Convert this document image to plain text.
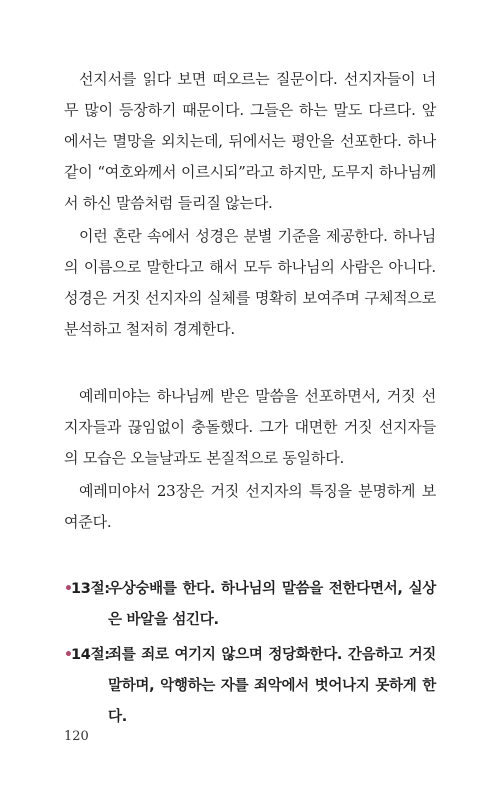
선지서를 읽다 보면 떠오르는 질문이다. 선지자들이 너무 많이 등장하기 때문이다. 그들은 하는 말도 다르다. 앞에서는 멸망을 외치는데, 뒤에서는 평안을 선포한다. 하나같이 “여호와께서 이르시되”라고 하지만, 도무지 하나님께서 하신 말씀처럼 들리질 않는다.

이런 혼란 속에서 성경은 분별 기준을 제공한다. 하나님의 이름으로 말한다고 해서 모두 하나님의 사람은 아니다. 성경은 거짓 선지자의 실체를 명확히 보여주며 구체적으로 분석하고 철저히 경계한다.

예레미야는 하나님께 받은 말씀을 선포하면서, 거짓 선지자들과 끊임없이 충돌했다. 그가 대면한 거짓 선지자들의 모습은 오늘날과도 본질적으로 동일하다.

예레미야서 23장은 거짓 선지자의 특징을 분명하게 보여준다.

•
13절:
우상숭배를 한다. 하나님의 말씀을 전한다면서, 실상은 바알을 섬긴다.
•
14절:
죄를 죄로 여기지 않으며 정당화한다. 간음하고 거짓말하며, 악행하는 자를 죄악에서 벗어나지 못하게 한다.
120
